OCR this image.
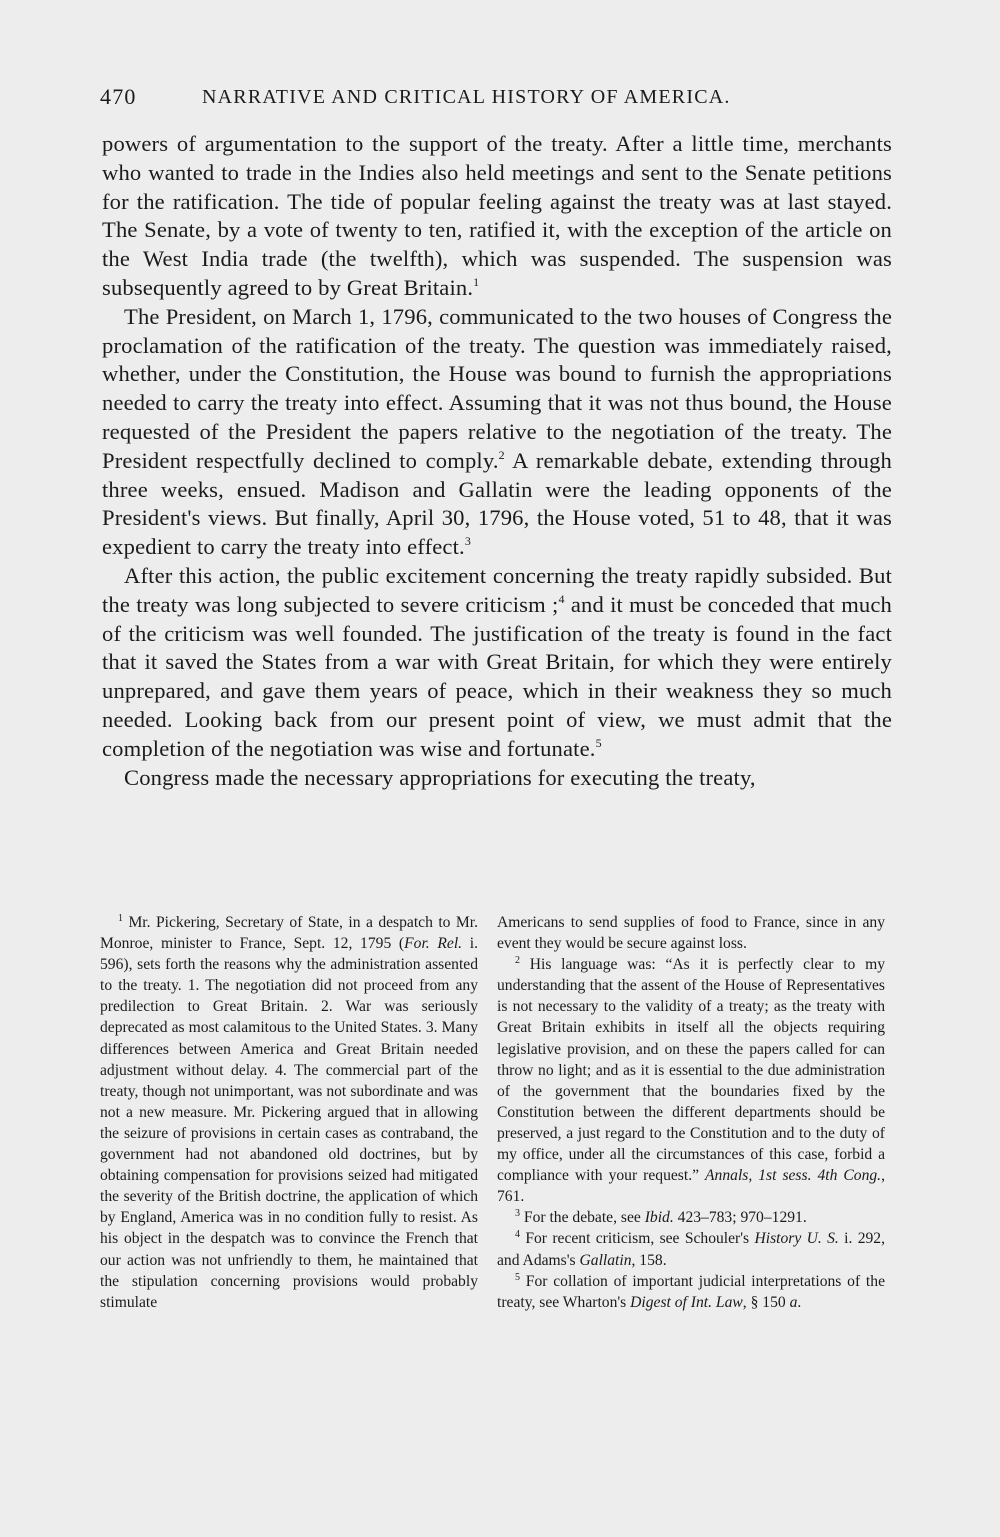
470	NARRATIVE AND CRITICAL HISTORY OF AMERICA.

powers of argumentation to the support of the treaty. After a little time, merchants who wanted to trade in the Indies also held meetings and sent to the Senate petitions for the ratification. The tide of popular feeling against the treaty was at last stayed. The Senate, by a vote of twenty to ten, ratified it, with the exception of the article on the West India trade (the twelfth), which was suspended. The suspension was subsequently agreed to by Great Britain.$^1$

The President, on March 1, 1796, communicated to the two houses of Congress the proclamation of the ratification of the treaty. The question was immediately raised, whether, under the Constitution, the House was bound to furnish the appropriations needed to carry the treaty into effect. Assuming that it was not thus bound, the House requested of the President the papers relative to the negotiation of the treaty. The President respectfully declined to comply.$^2$ A remarkable debate, extending through three weeks, ensued. Madison and Gallatin were the leading opponents of the President's views. But finally, April 30, 1796, the House voted, 51 to 48, that it was expedient to carry the treaty into effect.$^3$

After this action, the public excitement concerning the treaty rapidly subsided. But the treaty was long subjected to severe criticism ;$^4$ and it must be conceded that much of the criticism was well founded. The justification of the treaty is found in the fact that it saved the States from a war with Great Britain, for which they were entirely unprepared, and gave them years of peace, which in their weakness they so much needed. Looking back from our present point of view, we must admit that the completion of the negotiation was wise and fortunate.$^5$

Congress made the necessary appropriations for executing the treaty,

$^1$ Mr. Pickering, Secretary of State, in a despatch to Mr. Monroe, minister to France, Sept. 12, 1795 (For. Rel. i. 596), sets forth the reasons why the administration assented to the treaty. 1. The negotiation did not proceed from any predilection to Great Britain. 2. War was seriously deprecated as most calamitous to the United States. 3. Many differences between America and Great Britain needed adjustment without delay. 4. The commercial part of the treaty, though not unimportant, was not subordinate and was not a new measure. Mr. Pickering argued that in allowing the seizure of provisions in certain cases as contraband, the government had not abandoned old doctrines, but by obtaining compensation for provisions seized had mitigated the severity of the British doctrine, the application of which by England, America was in no condition fully to resist. As his object in the despatch was to convince the French that our action was not unfriendly to them, he maintained that the stipulation concerning provisions would probably stimulate

Americans to send supplies of food to France, since in any event they would be secure against loss.

$^2$ His language was: “As it is perfectly clear to my understanding that the assent of the House of Representatives is not necessary to the validity of a treaty; as the treaty with Great Britain exhibits in itself all the objects requiring legislative provision, and on these the papers called for can throw no light; and as it is essential to the due administration of the government that the boundaries fixed by the Constitution between the different departments should be preserved, a just regard to the Constitution and to the duty of my office, under all the circumstances of this case, forbid a compliance with your request.” Annals, 1st sess. 4th Cong., 761.

$^3$ For the debate, see Ibid. 423–783; 970–1291.

$^4$ For recent criticism, see Schouler's History U. S. i. 292, and Adams's Gallatin, 158.

$^5$ For collation of important judicial interpretations of the treaty, see Wharton's Digest of Int. Law, § 150 a.
